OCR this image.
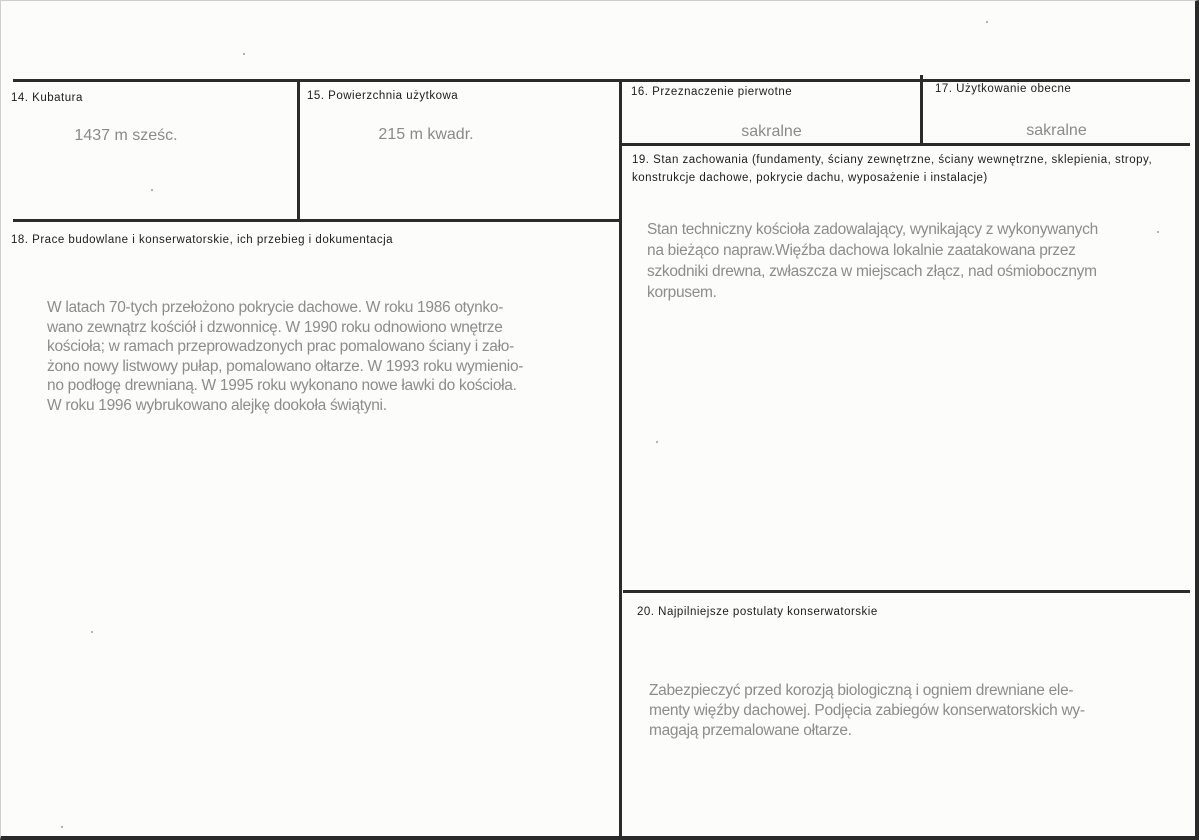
14. Kubatura
1437 m sześc.
15. Powierzchnia użytkowa
215 m kwadr.
16. Przeznaczenie pierwotne
sakralne
17. Użytkowanie obecne
sakralne
18. Prace budowlane i konserwatorskie, ich przebieg i dokumentacja
W latach 70-tych przełożono pokrycie dachowe. W roku 1986 otynko-
wano zewnątrz kościół i dzwonnicę. W 1990 roku odnowiono wnętrze
kościoła; w ramach przeprowadzonych prac pomalowano ściany i zało-
żono nowy listwowy pułap, pomalowano ołtarze. W 1993 roku wymienio-
no podłogę drewnianą. W 1995 roku wykonano nowe ławki do kościoła.
W roku 1996 wybrukowano alejkę dookoła świątyni.
19. Stan zachowania (fundamenty, ściany zewnętrzne, ściany wewnętrzne, sklepienia, stropy, konstrukcje dachowe, pokrycie dachu, wyposażenie i instalacje)
Stan techniczny kościoła zadowalający, wynikający z wykonywanych
na bieżąco napraw.Więźba dachowa lokalnie zaatakowana przez
szkodniki drewna, zwłaszcza w miejscach złącz, nad ośmiobocznym
korpusem.
20. Najpilniejsze postulaty konserwatorskie
Zabezpieczyć przed korozją biologiczną i ogniem drewniane ele-
menty więźby dachowej. Podjęcia zabiegów konserwatorskich wy-
magają przemalowane ołtarze.
